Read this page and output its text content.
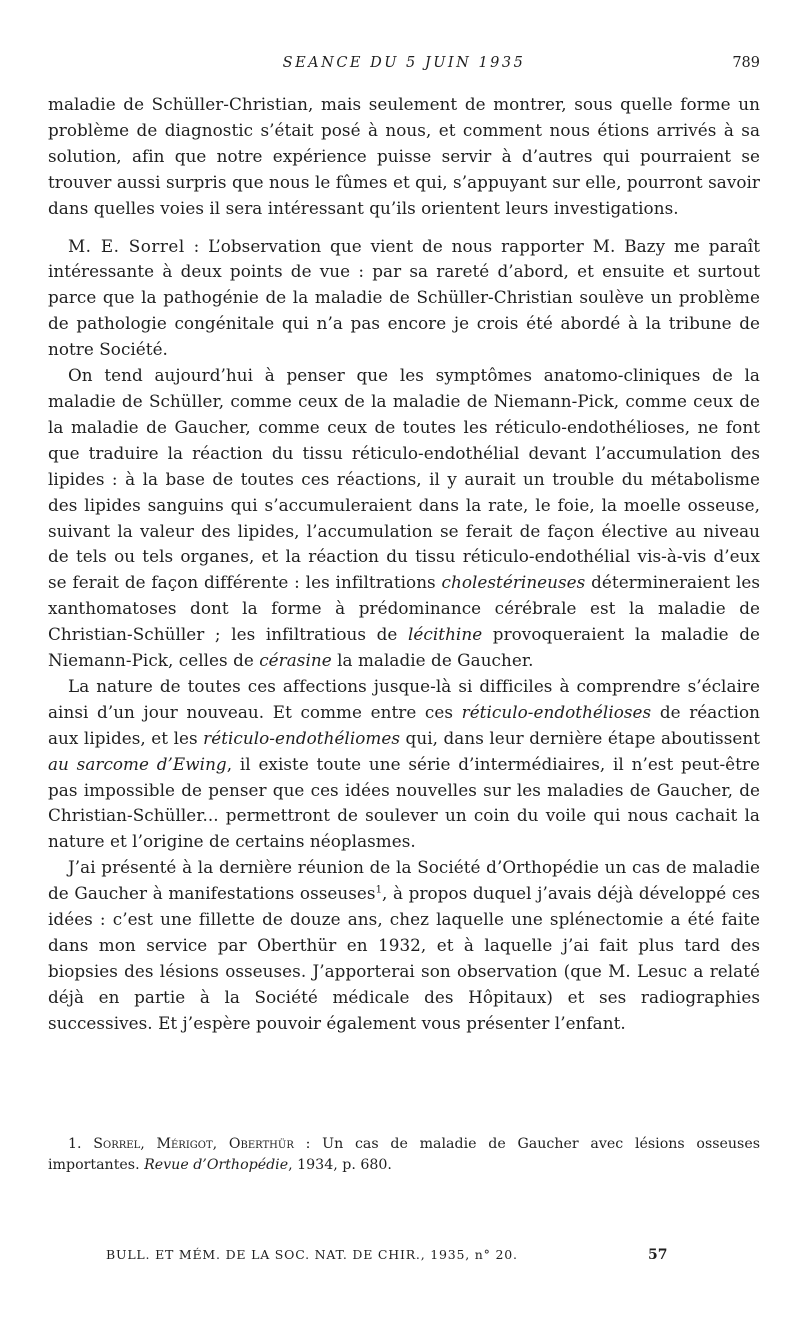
SEANCE DU 5 JUIN 1935	789

maladie de Schüller-Christian, mais seulement de montrer, sous quelle forme un problème de diagnostic s’était posé à nous, et comment nous étions arrivés à sa solution, afin que notre expérience puisse servir à d’autres qui pourraient se trouver aussi surpris que nous le fûmes et qui, s’appuyant sur elle, pourront savoir dans quelles voies il sera intéressant qu’ils orientent leurs investigations.

M. E. Sorrel : L’observation que vient de nous rapporter M. Bazy me paraît intéressante à deux points de vue : par sa rareté d’abord, et ensuite et surtout parce que la pathogénie de la maladie de Schüller-Christian soulève un problème de pathologie congénitale qui n’a pas encore je crois été abordé à la tribune de notre Société.

On tend aujourd’hui à penser que les symptômes anatomo-cliniques de la maladie de Schüller, comme ceux de la maladie de Niemann-Pick, comme ceux de la maladie de Gaucher, comme ceux de toutes les réticulo-endothélioses, ne font que traduire la réaction du tissu réticulo-endothélial devant l’accumulation des lipides : à la base de toutes ces réactions, il y aurait un trouble du métabolisme des lipides sanguins qui s’accumuleraient dans la rate, le foie, la moelle osseuse, suivant la valeur des lipides, l’accumulation se ferait de façon élective au niveau de tels ou tels organes, et la réaction du tissu réticulo-endothélial vis-à-vis d’eux se ferait de façon différente : les infiltrations cholestérineuses détermineraient les xanthomatoses dont la forme à prédominance cérébrale est la maladie de Christian-Schüller ; les infiltratious de lécithine provoqueraient la maladie de Niemann-Pick, celles de cérasine la maladie de Gaucher.

La nature de toutes ces affections jusque-là si difficiles à comprendre s’éclaire ainsi d’un jour nouveau. Et comme entre ces réticulo-endothélioses de réaction aux lipides, et les réticulo-endothéliomes qui, dans leur dernière étape aboutissent au sarcome d’Ewing, il existe toute une série d’intermédiaires, il n’est peut-être pas impossible de penser que ces idées nouvelles sur les maladies de Gaucher, de Christian-Schüller... permettront de soulever un coin du voile qui nous cachait la nature et l’origine de certains néoplasmes.

J’ai présenté à la dernière réunion de la Société d’Orthopédie un cas de maladie de Gaucher à manifestations osseuses$^1$, à propos duquel j’avais déjà développé ces idées : c’est une fillette de douze ans, chez laquelle une splénectomie a été faite dans mon service par Oberthür en 1932, et à laquelle j’ai fait plus tard des biopsies des lésions osseuses. J’apporterai son observation (que M. Lesuc a relaté déjà en partie à la Société médicale des Hôpitaux) et ses radiographies successives. Et j’espère pouvoir également vous présenter l’enfant.

1. Sorrel, Mérigot, Oberthür : Un cas de maladie de Gaucher avec lésions osseuses importantes. Revue d’Orthopédie, 1934, p. 680.

BULL. ET MÉM. DE LA SOC. NAT. DE CHIR., 1935, n° 20.	57
